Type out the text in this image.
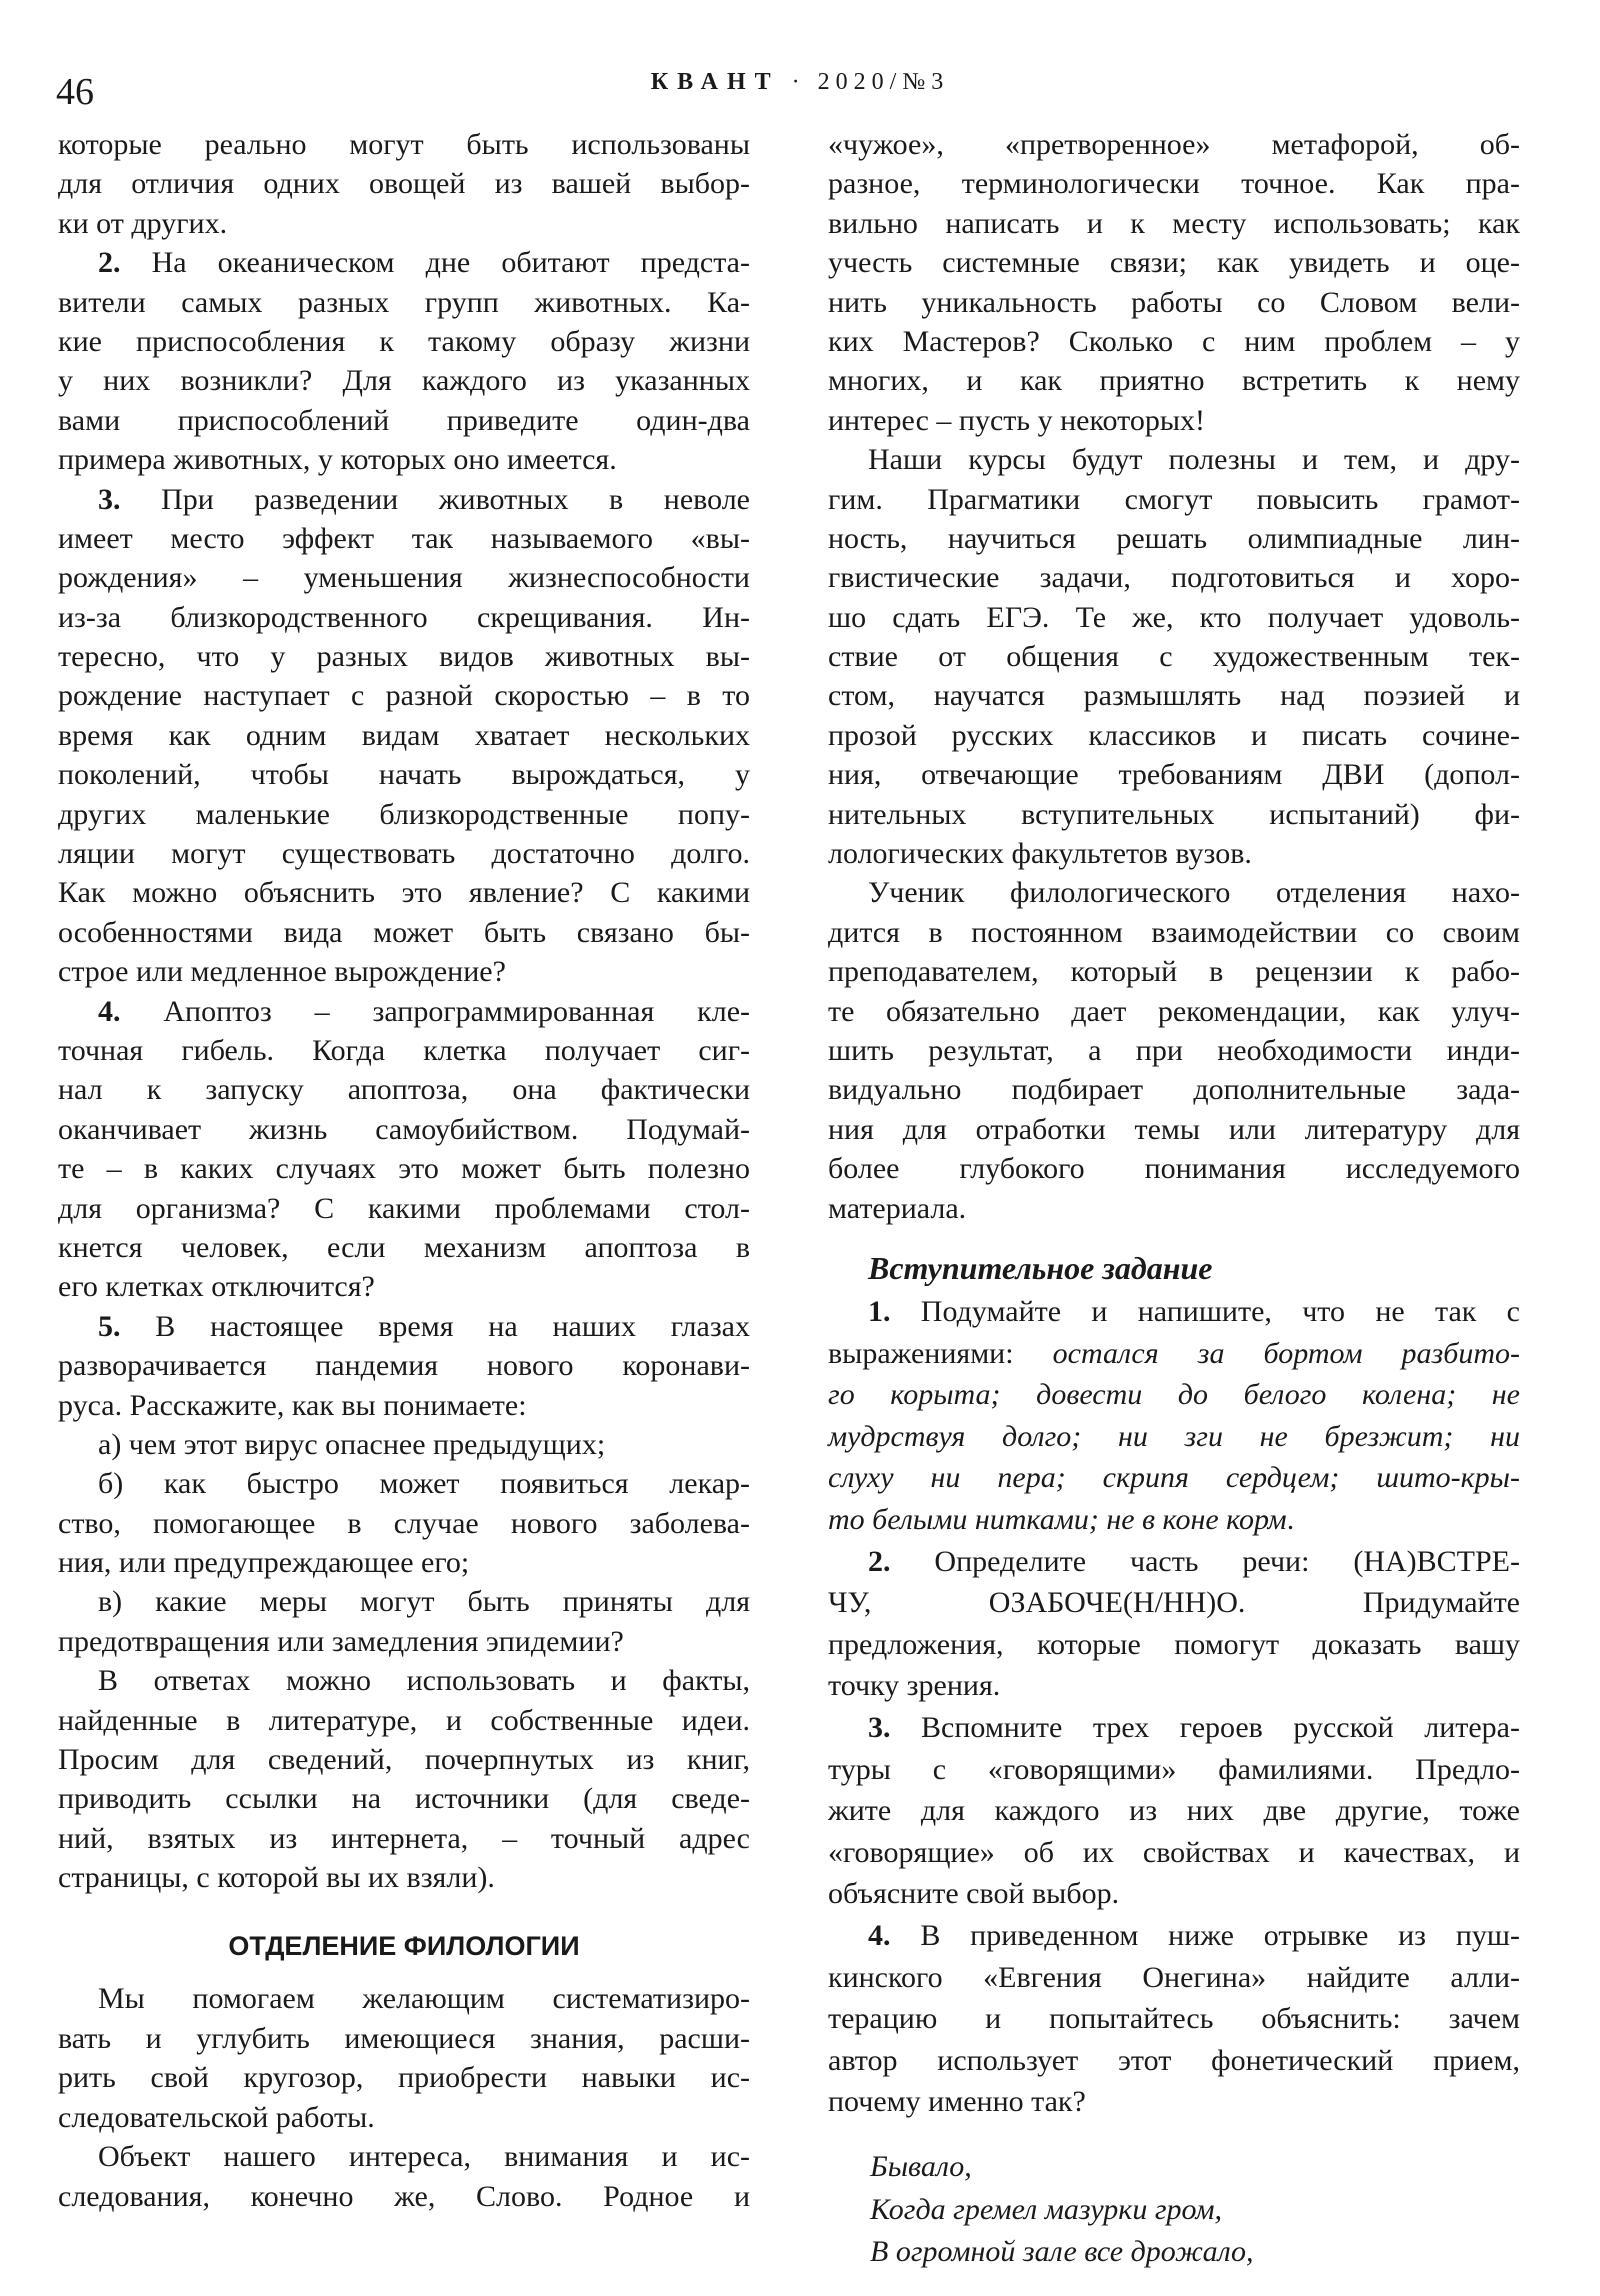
46	КВАНТ · 2020/№3
которые реально могут быть использованы
для отличия одних овощей из вашей выбор-
ки от других.
2. На океаническом дне обитают предста-
вители самых разных групп животных. Ка-
кие приспособления к такому образу жизни
у них возникли? Для каждого из указанных
вами приспособлений приведите один-два
примера животных, у которых оно имеется.
3. При разведении животных в неволе
имеет место эффект так называемого «вы-
рождения» – уменьшения жизнеспособности
из-за близкородственного скрещивания. Ин-
тересно, что у разных видов животных вы-
рождение наступает с разной скоростью – в то
время как одним видам хватает нескольких
поколений, чтобы начать вырождаться, у
других маленькие близкородственные попу-
ляции могут существовать достаточно долго.
Как можно объяснить это явление? С какими
особенностями вида может быть связано бы-
строе или медленное вырождение?
4. Апоптоз – запрограммированная кле-
точная гибель. Когда клетка получает сиг-
нал к запуску апоптоза, она фактически
оканчивает жизнь самоубийством. Подумай-
те – в каких случаях это может быть полезно
для организма? С какими проблемами стол-
кнется человек, если механизм апоптоза в
его клетках отключится?
5. В настоящее время на наших глазах
разворачивается пандемия нового коронави-
руса. Расскажите, как вы понимаете:
а) чем этот вирус опаснее предыдущих;
б) как быстро может появиться лекар-
ство, помогающее в случае нового заболева-
ния, или предупреждающее его;
в) какие меры могут быть приняты для
предотвращения или замедления эпидемии?
В ответах можно использовать и факты,
найденные в литературе, и собственные идеи.
Просим для сведений, почерпнутых из книг,
приводить ссылки на источники (для сведе-
ний, взятых из интернета, – точный адрес
страницы, с которой вы их взяли).
ОТДЕЛЕНИЕ ФИЛОЛОГИИ
Мы помогаем желающим систематизиро-
вать и углубить имеющиеся знания, расши-
рить свой кругозор, приобрести навыки ис-
следовательской работы.
Объект нашего интереса, внимания и ис-
следования, конечно же, Слово. Родное и
«чужое», «претворенное» метафорой, об-
разное, терминологически точное. Как пра-
вильно написать и к месту использовать; как
учесть системные связи; как увидеть и оце-
нить уникальность работы со Словом вели-
ких Мастеров? Сколько с ним проблем – у
многих, и как приятно встретить к нему
интерес – пусть у некоторых!
Наши курсы будут полезны и тем, и дру-
гим. Прагматики смогут повысить грамот-
ность, научиться решать олимпиадные лин-
гвистические задачи, подготовиться и хоро-
шо сдать ЕГЭ. Те же, кто получает удоволь-
ствие от общения с художественным тек-
стом, научатся размышлять над поэзией и
прозой русских классиков и писать сочине-
ния, отвечающие требованиям ДВИ (допол-
нительных вступительных испытаний) фи-
лологических факультетов вузов.
Ученик филологического отделения нахо-
дится в постоянном взаимодействии со своим
преподавателем, который в рецензии к рабо-
те обязательно дает рекомендации, как улуч-
шить результат, а при необходимости инди-
видуально подбирает дополнительные зада-
ния для отработки темы или литературу для
более глубокого понимания исследуемого
материала.
Вступительное задание
1. Подумайте и напишите, что не так с
выражениями: остался за бортом разбито-
го корыта; довести до белого колена; не
мудрствуя долго; ни зги не брезжит; ни
слуху ни пера; скрипя сердцем; шито-кры-
то белыми нитками; не в коне корм.
2. Определите часть речи: (НА)ВСТРЕ-
ЧУ, ОЗАБОЧЕ(Н/НН)О. Придумайте
предложения, которые помогут доказать вашу
точку зрения.
3. Вспомните трех героев русской литера-
туры с «говорящими» фамилиями. Предло-
жите для каждого из них две другие, тоже
«говорящие» об их свойствах и качествах, и
объясните свой выбор.
4. В приведенном ниже отрывке из пуш-
кинского «Евгения Онегина» найдите алли-
терацию и попытайтесь объяснить: зачем
автор использует этот фонетический прием,
почему именно так?
Бывало,
Когда гремел мазурки гром,
В огромной зале все дрожало,
